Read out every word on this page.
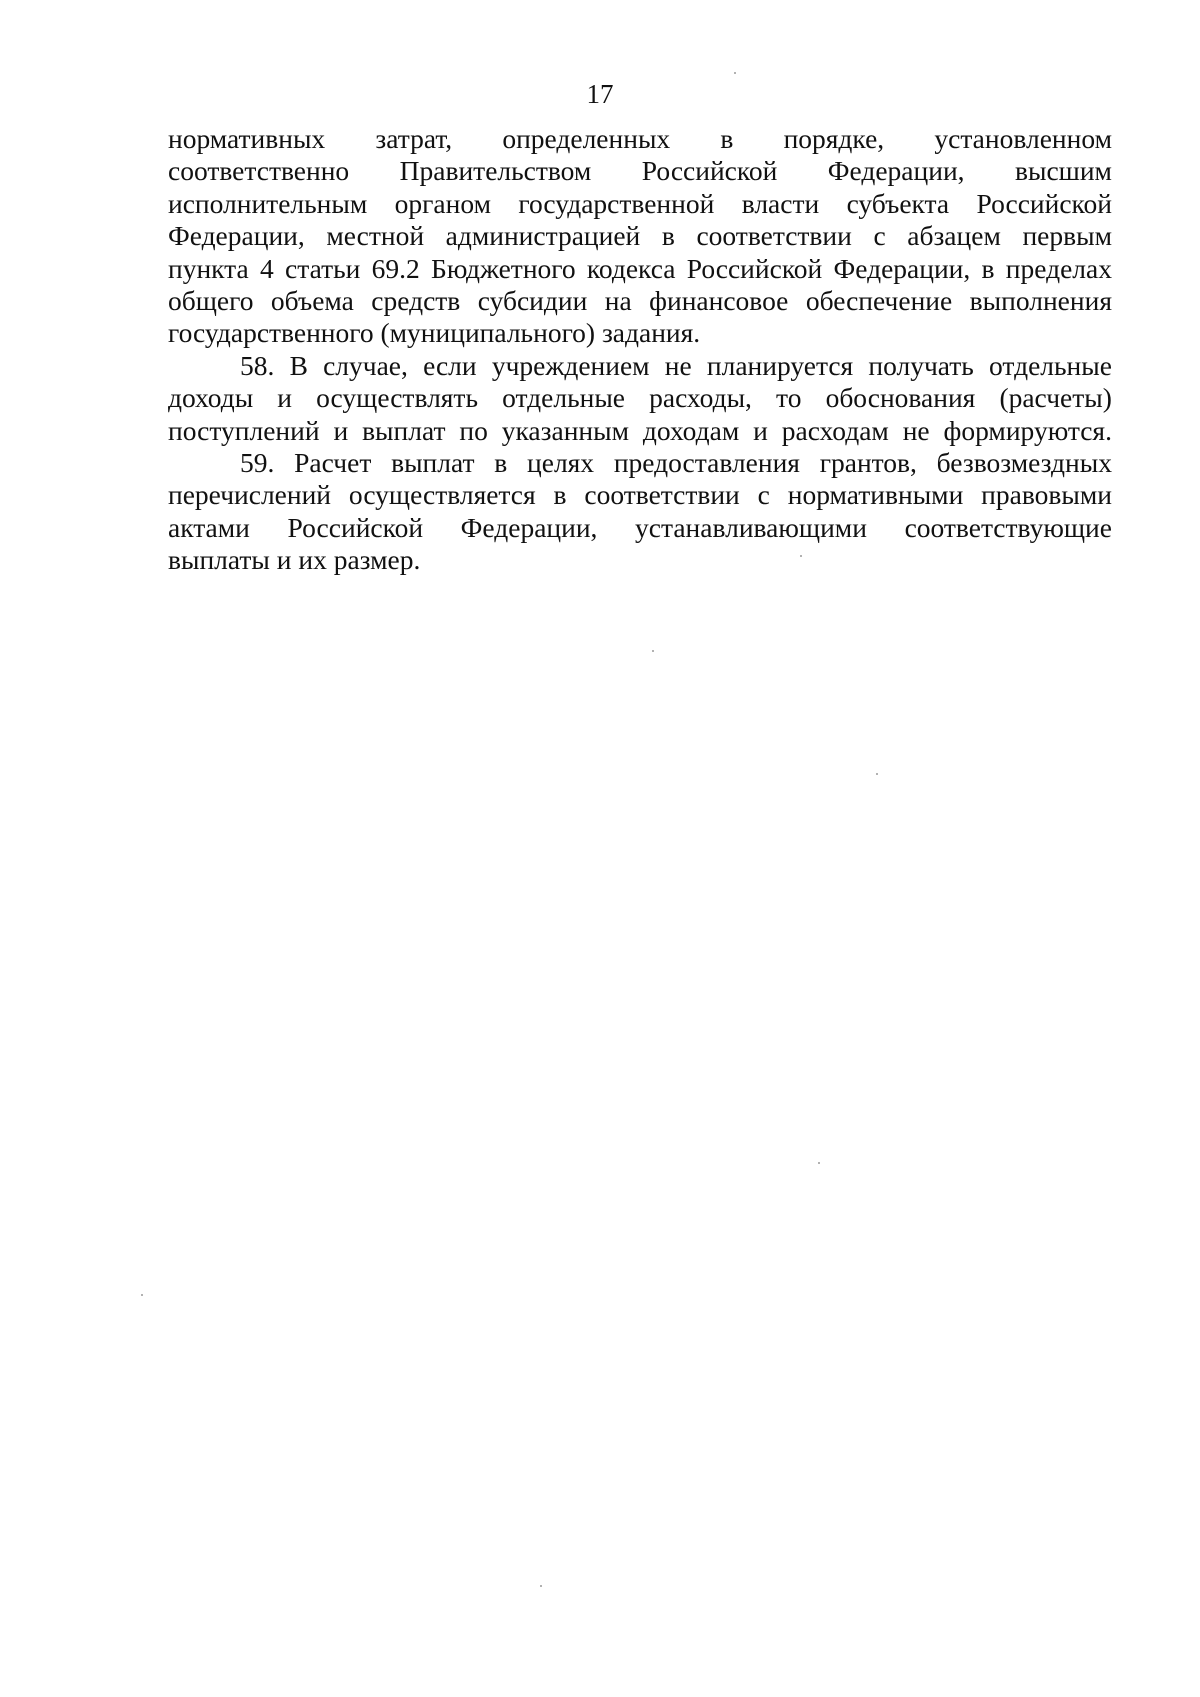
17
нормативных затрат, определенных в порядке, установленном
соответственно Правительством Российской Федерации, высшим
исполнительным органом государственной власти субъекта Российской
Федерации, местной администрацией в соответствии с абзацем первым
пункта 4 статьи 69.2 Бюджетного кодекса Российской Федерации, в пределах
общего объема средств субсидии на финансовое обеспечение выполнения
государственного (муниципального) задания.
58. В случае, если учреждением не планируется получать отдельные
доходы и осуществлять отдельные расходы, то обоснования (расчеты)
поступлений и выплат по указанным доходам и расходам не формируются.
59. Расчет выплат в целях предоставления грантов, безвозмездных
перечислений осуществляется в соответствии с нормативными правовыми
актами Российской Федерации, устанавливающими соответствующие
выплаты и их размер.
